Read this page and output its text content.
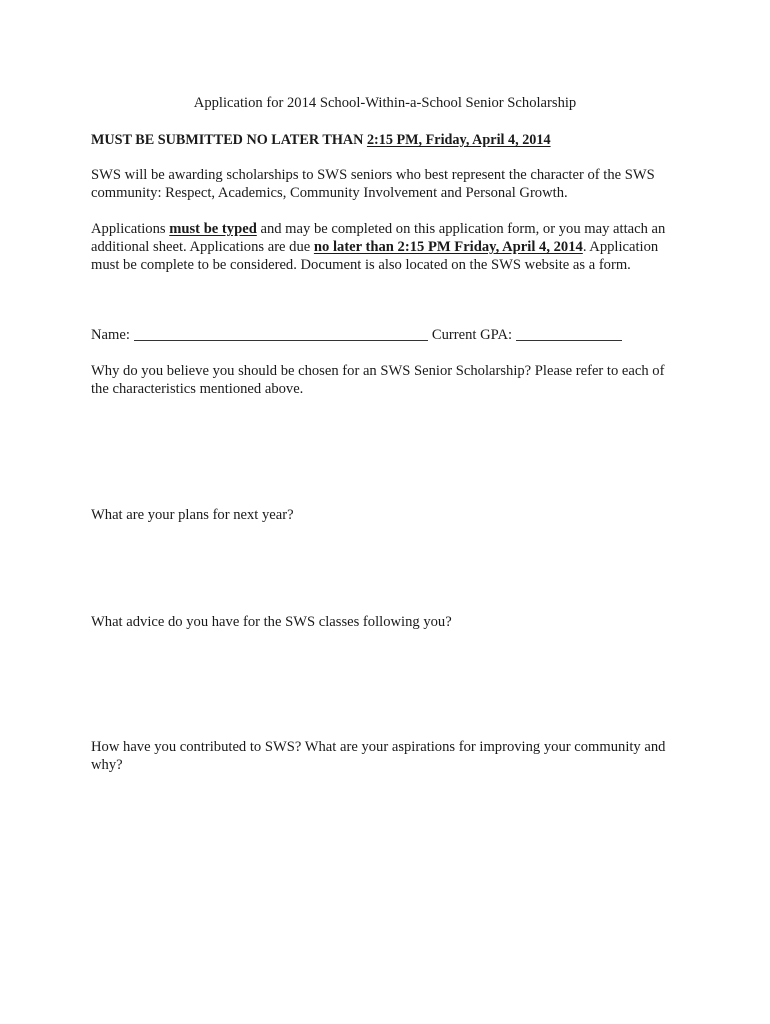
Application for 2014 School-Within-a-School Senior Scholarship
MUST BE SUBMITTED NO LATER THAN 2:15 PM, Friday, April 4, 2014
SWS will be awarding scholarships to SWS seniors who best represent the character of the SWS community: Respect, Academics, Community Involvement and Personal Growth.
Applications must be typed and may be completed on this application form, or you may attach an additional sheet. Applications are due no later than 2:15 PM Friday, April 4, 2014. Application must be complete to be considered. Document is also located on the SWS website as a form.
Name:	Current GPA:
Why do you believe you should be chosen for an SWS Senior Scholarship? Please refer to each of the characteristics mentioned above.
What are your plans for next year?
What advice do you have for the SWS classes following you?
How have you contributed to SWS? What are your aspirations for improving your community and why?
